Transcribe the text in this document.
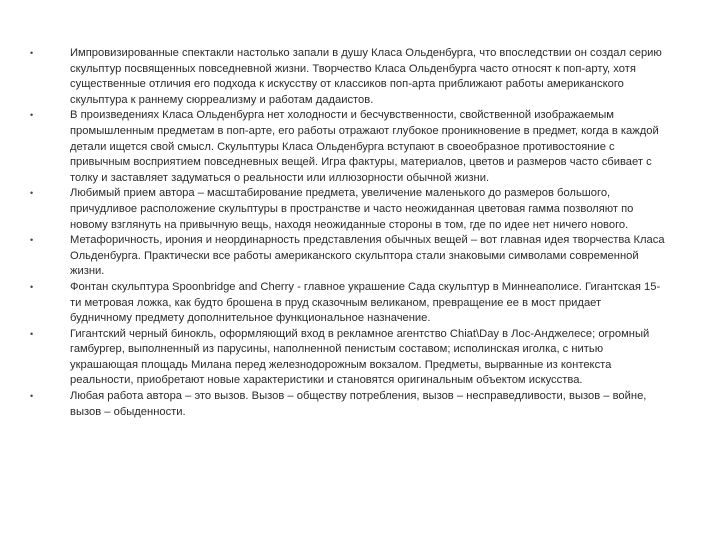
•	Импровизированные спектакли настолько запали в душу Класа Ольденбурга, что впоследствии он создал серию скульптур посвященных повседневной жизни. Творчество Класа Ольденбурга часто относят к поп-арту, хотя существенные отличия его подхода к искусству от классиков поп-арта приближают работы американского скульптура к раннему сюрреализму и работам дадаистов.
•	В произведениях Класа Ольденбурга нет холодности и бесчувственности, свойственной изображаемым промышленным предметам в поп-арте, его работы отражают глубокое проникновение в предмет, когда в каждой детали ищется свой смысл. Скульптуры Класа Ольденбурга вступают в своеобразное противостояние с привычным восприятием повседневных вещей. Игра фактуры, материалов, цветов и размеров часто сбивает с толку и заставляет задуматься о реальности или иллюзорности обычной жизни.
•	Любимый прием автора – масштабирование предмета, увеличение маленького до размеров большого, причудливое расположение скульптуры в пространстве и часто неожиданная цветовая гамма позволяют по новому взглянуть на привычную вещь, находя неожиданные стороны в том, где по идее нет ничего нового.
•	Метафоричность, ирония и неординарность представления обычных вещей – вот главная идея творчества Класа Ольденбурга. Практически все работы американского скульптора стали знаковыми символами современной жизни.
•	Фонтан скульптура Spoonbridge and Cherry - главное украшение Сада скульптур в Миннеаполисе. Гигантская 15-ти метровая ложка, как будто брошена в пруд сказочным великаном, превращение ее в мост придает будничному предмету дополнительное функциональное назначение.
•	Гигантский черный бинокль, оформляющий вход в рекламное агентство Chiat\Day в Лос-Анджелесе; огромный гамбургер, выполненный из парусины, наполненной пенистым составом; исполинская иголка, с нитью украшающая площадь Милана перед железнодорожным вокзалом. Предметы, вырванные из контекста реальности, приобретают новые характеристики и становятся оригинальным объектом искусства.
•	Любая работа автора – это вызов. Вызов – обществу потребления, вызов – несправедливости, вызов – войне, вызов – обыденности.
